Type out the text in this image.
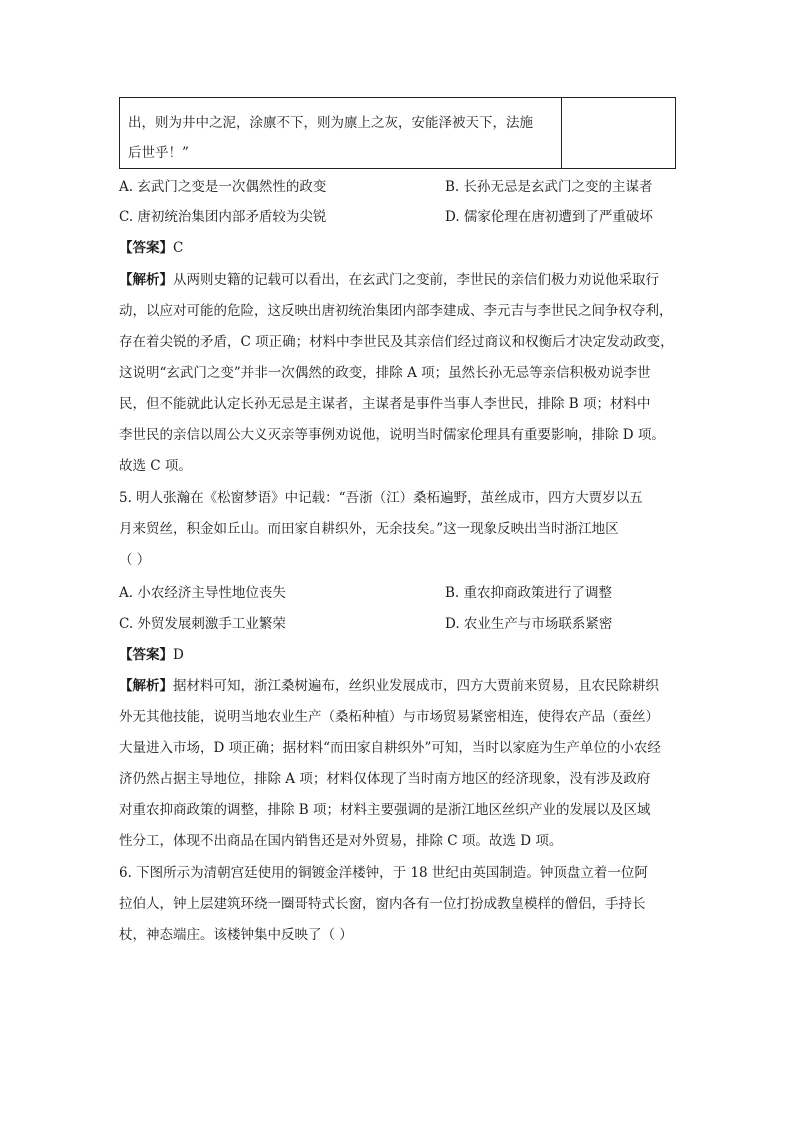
出，则为井中之泥，涂廪不下，则为廪上之灰，安能泽被天下，法施
后世乎！”
A. 玄武门之变是一次偶然性的政变	B. 长孙无忌是玄武门之变的主谋者
C. 唐初统治集团内部矛盾较为尖锐	D. 儒家伦理在唐初遭到了严重破坏
【答案】C
【解析】从两则史籍的记载可以看出，在玄武门之变前，李世民的亲信们极力劝说他采取行
动，以应对可能的危险，这反映出唐初统治集团内部李建成、李元吉与李世民之间争权夺利，
存在着尖锐的矛盾，C 项正确；材料中李世民及其亲信们经过商议和权衡后才决定发动政变，
这说明“玄武门之变”并非一次偶然的政变，排除 A 项；虽然长孙无忌等亲信积极劝说李世
民，但不能就此认定长孙无忌是主谋者，主谋者是事件当事人李世民，排除 B 项；材料中
李世民的亲信以周公大义灭亲等事例劝说他，说明当时儒家伦理具有重要影响，排除 D 项。
故选 C 项。
5. 明人张瀚在《松窗梦语》中记载：“吾浙（江）桑柘遍野，茧丝成市，四方大贾岁以五
月来贸丝，积金如丘山。而田家自耕织外，无余技矣。”这一现象反映出当时浙江地区
（ ）
A. 小农经济主导性地位丧失	B. 重农抑商政策进行了调整
C. 外贸发展刺激手工业繁荣	D. 农业生产与市场联系紧密
【答案】D
【解析】据材料可知，浙江桑树遍布，丝织业发展成市，四方大贾前来贸易，且农民除耕织
外无其他技能，说明当地农业生产（桑柘种植）与市场贸易紧密相连，使得农产品（蚕丝）
大量进入市场，D 项正确；据材料“而田家自耕织外”可知，当时以家庭为生产单位的小农经
济仍然占据主导地位，排除 A 项；材料仅体现了当时南方地区的经济现象，没有涉及政府
对重农抑商政策的调整，排除 B 项；材料主要强调的是浙江地区丝织产业的发展以及区域
性分工，体现不出商品在国内销售还是对外贸易，排除 C 项。故选 D 项。
6. 下图所示为清朝宫廷使用的铜镀金洋楼钟，于 18 世纪由英国制造。钟顶盘立着一位阿
拉伯人，钟上层建筑环绕一圈哥特式长窗，窗内各有一位打扮成教皇模样的僧侣，手持长
杖，神态端庄。该楼钟集中反映了（ ）
